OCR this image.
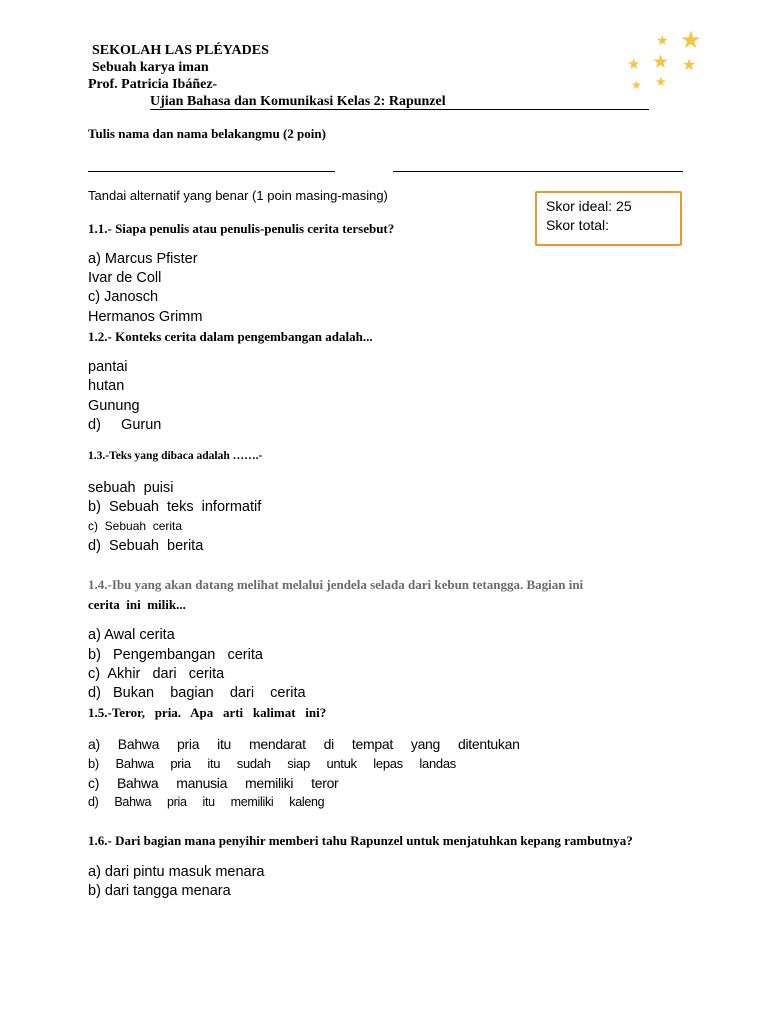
SEKOLAH LAS PLÉYADES
Sebuah karya iman
Prof. Patricia Ibáñez-
Ujian Bahasa dan Komunikasi Kelas 2: Rapunzel
★ ★
★ ★ ★
★ ★
Tulis nama dan nama belakangmu (2 poin)
Tandai alternatif yang benar (1 poin masing-masing)
Skor ideal: 25
Skor total:
1.1.- Siapa penulis atau penulis-penulis cerita tersebut?
a) Marcus Pfister
Ivar de Coll
c) Janosch
Hermanos Grimm
1.2.- Konteks cerita dalam pengembangan adalah...
pantai
hutan
Gunung
d)     Gurun
1.3.-Teks yang dibaca adalah …….-
sebuah  puisi
b)  Sebuah  teks  informatif
c)  Sebuah  cerita
d)  Sebuah  berita
1.4.-Ibu yang akan datang melihat melalui jendela selada dari kebun tetangga. Bagian ini
cerita  ini  milik...
a) Awal cerita
b)   Pengembangan   cerita
c)  Akhir   dari   cerita
d)   Bukan    bagian    dari    cerita
1.5.-Teror,   pria.   Apa   arti   kalimat   ini?
a)     Bahwa     pria     itu     mendarat     di     tempat     yang     ditentukan
b)     Bahwa     pria     itu     sudah     siap     untuk     lepas     landas
c)     Bahwa     manusia     memiliki     teror
d)     Bahwa     pria     itu     memiliki     kaleng
1.6.- Dari bagian mana penyihir memberi tahu Rapunzel untuk menjatuhkan kepang rambutnya?
a) dari pintu masuk menara
b) dari tangga menara
